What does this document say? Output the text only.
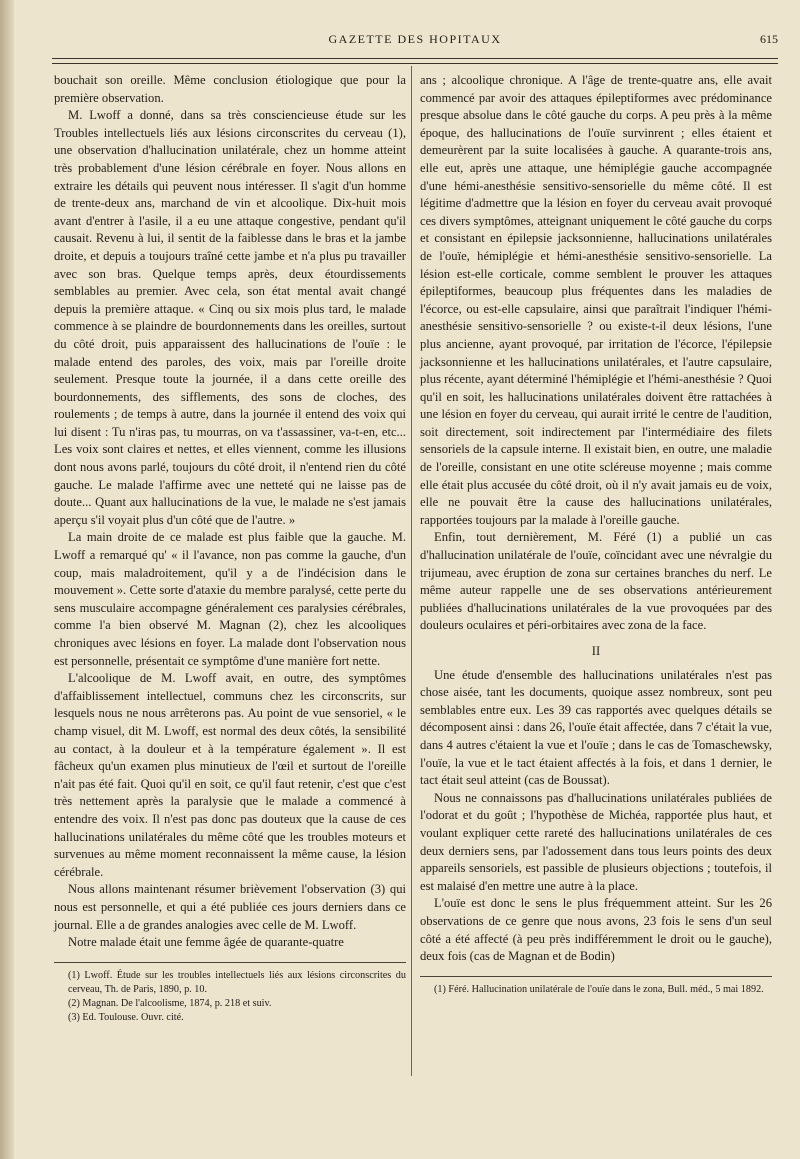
GAZETTE DES HOPITAUX	615

bouchait son oreille. Même conclusion étiologique que pour la première observation.

M. Lwoff a donné, dans sa très consciencieuse étude sur les Troubles intellectuels liés aux lésions circonscrites du cerveau (1), une observation d'hallucination unilatérale, chez un homme atteint très probablement d'une lésion cérébrale en foyer. Nous allons en extraire les détails qui peuvent nous intéresser. Il s'agit d'un homme de trente-deux ans, marchand de vin et alcoolique. Dix-huit mois avant d'entrer à l'asile, il a eu une attaque congestive, pendant qu'il causait. Revenu à lui, il sentit de la faiblesse dans le bras et la jambe droite, et depuis a toujours traîné cette jambe et n'a plus pu travailler avec son bras. Quelque temps après, deux étourdissements semblables au premier. Avec cela, son état mental avait changé depuis la première attaque. « Cinq ou six mois plus tard, le malade commence à se plaindre de bourdonnements dans les oreilles, surtout du côté droit, puis apparaissent des hallucinations de l'ouïe : le malade entend des paroles, des voix, mais par l'oreille droite seulement. Presque toute la journée, il a dans cette oreille des bourdonnements, des sifflements, des sons de cloches, des roulements ; de temps à autre, dans la journée il entend des voix qui lui disent : Tu n'iras pas, tu mourras, on va t'assassiner, va-t-en, etc... Les voix sont claires et nettes, et elles viennent, comme les illusions dont nous avons parlé, toujours du côté droit, il n'entend rien du côté gauche. Le malade l'affirme avec une netteté qui ne laisse pas de doute... Quant aux hallucinations de la vue, le malade ne s'est jamais aperçu s'il voyait plus d'un côté que de l'autre. »

La main droite de ce malade est plus faible que la gauche. M. Lwoff a remarqué qu' « il l'avance, non pas comme la gauche, d'un coup, mais maladroitement, qu'il y a de l'indécision dans le mouvement ». Cette sorte d'ataxie du membre paralysé, cette perte du sens musculaire accompagne généralement ces paralysies cérébrales, comme l'a bien observé M. Magnan (2), chez les alcooliques chroniques avec lésions en foyer. La malade dont l'observation nous est personnelle, présentait ce symptôme d'une manière fort nette.

L'alcoolique de M. Lwoff avait, en outre, des symptômes d'affaiblissement intellectuel, communs chez les circonscrits, sur lesquels nous ne nous arrêterons pas. Au point de vue sensoriel, « le champ visuel, dit M. Lwoff, est normal des deux côtés, la sensibilité au contact, à la douleur et à la température également ». Il est fâcheux qu'un examen plus minutieux de l'œil et surtout de l'oreille n'ait pas été fait. Quoi qu'il en soit, ce qu'il faut retenir, c'est que c'est très nettement après la paralysie que le malade a commencé à entendre des voix. Il n'est pas donc pas douteux que la cause de ces hallucinations unilatérales du même côté que les troubles moteurs et survenues au même moment reconnaissent la même cause, la lésion cérébrale.

Nous allons maintenant résumer brièvement l'observation (3) qui nous est personnelle, et qui a été publiée ces jours derniers dans ce journal. Elle a de grandes analogies avec celle de M. Lwoff.

Notre malade était une femme âgée de quarante-quatre

(1) Lwoff. Étude sur les troubles intellectuels liés aux lésions circonscrites du cerveau, Th. de Paris, 1890, p. 10.

(2) Magnan. De l'alcoolisme, 1874, p. 218 et suiv.

(3) Ed. Toulouse. Ouvr. cité.

ans ; alcoolique chronique. A l'âge de trente-quatre ans, elle avait commencé par avoir des attaques épileptiformes avec prédominance presque absolue dans le côté gauche du corps. A peu près à la même époque, des hallucinations de l'ouïe survinrent ; elles étaient et demeurèrent par la suite localisées à gauche. A quarante-trois ans, elle eut, après une attaque, une hémiplégie gauche accompagnée d'une hémi-anesthésie sensitivo-sensorielle du même côté. Il est légitime d'admettre que la lésion en foyer du cerveau avait provoqué ces divers symptômes, atteignant uniquement le côté gauche du corps et consistant en épilepsie jacksonnienne, hallucinations unilatérales de l'ouïe, hémiplégie et hémi-anesthésie sensitivo-sensorielle. La lésion est-elle corticale, comme semblent le prouver les attaques épileptiformes, beaucoup plus fréquentes dans les maladies de l'écorce, ou est-elle capsulaire, ainsi que paraîtrait l'indiquer l'hémi-anesthésie sensitivo-sensorielle ? ou existe-t-il deux lésions, l'une plus ancienne, ayant provoqué, par irritation de l'écorce, l'épilepsie jacksonnienne et les hallucinations unilatérales, et l'autre capsulaire, plus récente, ayant déterminé l'hémiplégie et l'hémi-anesthésie ? Quoi qu'il en soit, les hallucinations unilatérales doivent être rattachées à une lésion en foyer du cerveau, qui aurait irrité le centre de l'audition, soit directement, soit indirectement par l'intermédiaire des filets sensoriels de la capsule interne. Il existait bien, en outre, une maladie de l'oreille, consistant en une otite scléreuse moyenne ; mais comme elle était plus accusée du côté droit, où il n'y avait jamais eu de voix, elle ne pouvait être la cause des hallucinations unilatérales, rapportées toujours par la malade à l'oreille gauche.

Enfin, tout dernièrement, M. Féré (1) a publié un cas d'hallucination unilatérale de l'ouïe, coïncidant avec une névralgie du trijumeau, avec éruption de zona sur certaines branches du nerf. Le même auteur rappelle une de ses observations antérieurement publiées d'hallucinations unilatérales de la vue provoquées par des douleurs oculaires et péri-orbitaires avec zona de la face.

II

Une étude d'ensemble des hallucinations unilatérales n'est pas chose aisée, tant les documents, quoique assez nombreux, sont peu semblables entre eux. Les 39 cas rapportés avec quelques détails se décomposent ainsi : dans 26, l'ouïe était affectée, dans 7 c'était la vue, dans 4 autres c'étaient la vue et l'ouïe ; dans le cas de Tomaschewsky, l'ouïe, la vue et le tact étaient affectés à la fois, et dans 1 dernier, le tact était seul atteint (cas de Boussat).

Nous ne connaissons pas d'hallucinations unilatérales publiées de l'odorat et du goût ; l'hypothèse de Michéa, rapportée plus haut, et voulant expliquer cette rareté des hallucinations unilatérales de ces deux derniers sens, par l'adossement dans tous leurs points des deux appareils sensoriels, est passible de plusieurs objections ; toutefois, il est malaisé d'en mettre une autre à la place.

L'ouïe est donc le sens le plus fréquemment atteint. Sur les 26 observations de ce genre que nous avons, 23 fois le sens d'un seul côté a été affecté (à peu près indifféremment le droit ou le gauche), deux fois (cas de Magnan et de Bodin)

(1) Féré. Hallucination unilatérale de l'ouïe dans le zona, Bull. méd., 5 mai 1892.
